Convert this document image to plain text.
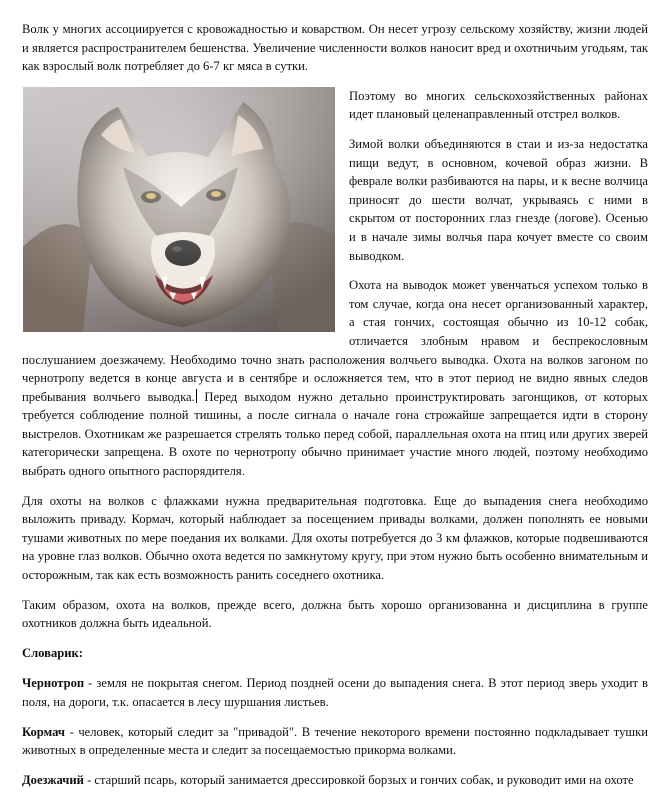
Волк у многих ассоциируется с кровожадностью и коварством. Он несет угрозу сельскому хозяйству, жизни людей и является распространителем бешенства. Увеличение численности волков наносит вред и охотничьим угодьям, так как взрослый волк потребляет до 6-7 кг мяса в сутки.

Поэтому во многих сельскохозяйственных районах идет плановый целенаправленный отстрел волков.

Зимой волки объединяются в стаи и из-за недостатка пищи ведут, в основном, кочевой образ жизни. В феврале волки разбиваются на пары, и к весне волчица приносят до шести волчат, укрываясь с ними в скрытом от посторонних глаз гнезде (логове). Осенью и в начале зимы волчья пара кочует вместе со своим выводком.

Охота на выводок может увенчаться успехом только в том случае, когда она несет организованный характер, а стая гончих, состоящая обычно из 10-12 собак, отличается злобным нравом и беспрекословным послушанием доезжачему. Необходимо точно знать расположения волчьего выводка. Охота на волков загоном по чернотропу ведется в конце августа и в сентябре и осложняется тем, что в этот период не видно явных следов пребывания волчьего выводка. Перед выходом нужно детально проинструктировать загонщиков, от которых требуется соблюдение полной тишины, а после сигнала о начале гона строжайше запрещается идти в сторону выстрелов. Охотникам же разрешается стрелять только перед собой, параллельная охота на птиц или других зверей категорически запрещена. В охоте по чернотропу обычно принимает участие много людей, поэтому необходимо выбрать одного опытного распорядителя.

Для охоты на волков с флажками нужна предварительная подготовка. Еще до выпадения снега необходимо выложить приваду. Кормач, который наблюдает за посещением привады волками, должен пополнять ее новыми тушами животных по мере поедания их волками. Для охоты потребуется до 3 км флажков, которые подвешиваются на уровне глаз волков. Обычно охота ведется по замкнутому кругу, при этом нужно быть особенно внимательным и осторожным, так как есть возможность ранить соседнего охотника.

Таким образом, охота на волков, прежде всего, должна быть хорошо организованна и дисциплина в группе охотников должна быть идеальной.

Словарик:

Чернотроп - земля не покрытая снегом. Период поздней осени до выпадения снега. В этот период зверь уходит в поля, на дороги, т.к. опасается в лесу шуршания листьев.

Кормач - человек, который следит за "привадой". В течение некоторого времени постоянно подкладывает тушки животных в определенные места и следит за посещаемостью прикорма волками.

Доезжачий - старший псарь, который занимается дрессировкой борзых и гончих собак, и руководит ими на охоте
